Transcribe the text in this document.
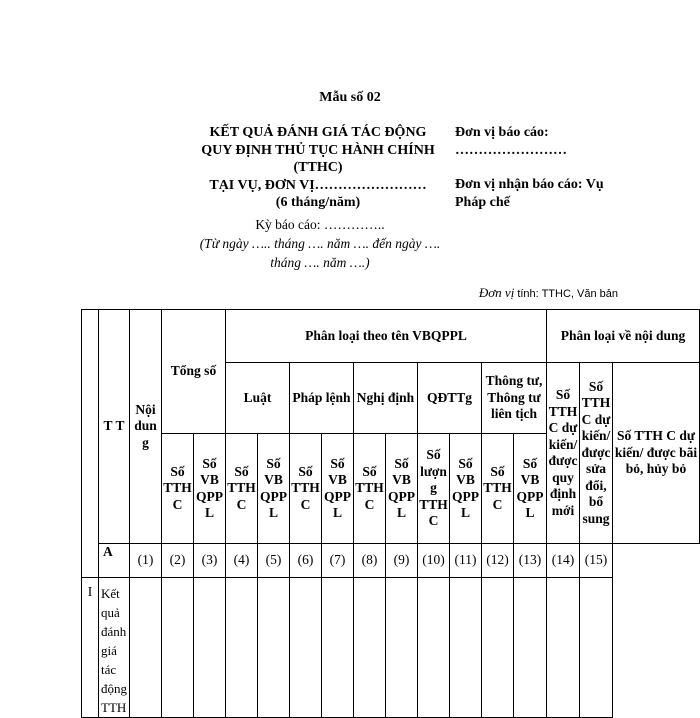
Mẫu số 02
KẾT QUẢ ĐÁNH GIÁ TÁC ĐỘNG
QUY ĐỊNH THỦ TỤC HÀNH CHÍNH
(TTHC)
TẠI VỤ, ĐƠN VỊ……………………
(6 tháng/năm)
Đơn vị báo cáo:
……………………
Đơn vị nhận báo cáo: Vụ
Pháp chế
Kỳ báo cáo: …………..
(Từ ngày ….. tháng …. năm …. đến ngày ….
tháng …. năm ….)
Đơn vị tính: TTHC, Văn bản
	T T	Nội dun g	Tổng số		Phân loại theo tên VBQPPL										Phân loại về nội dung		
					Luật		Pháp lệnh		Nghị định		QĐTTg		Thông tư, Thông tư liên tịch		Số TTH C dự kiến/ được quy định mới	Số TTH C dự kiến/ được sửa đổi, bổ sung	Số TTH C dự kiến/ được bãi bỏ, hủy bỏ
			Số TTH C	Số VB QPP L	Số TTH C	Số VB QPP L	Số TTH C	Số VB QPP L	Số TTH C	Số VB QPP L	Số lượn g TTH C	Số VB QPP L	Số TTH C	Số VB QPP L			
	A	(1)	(2)	(3)	(4)	(5)	(6)	(7)	(8)	(9)	(10)	(11)	(12)	(13)	(14)	(15)	
I	Kết quả đánh giá tác động TTH																
